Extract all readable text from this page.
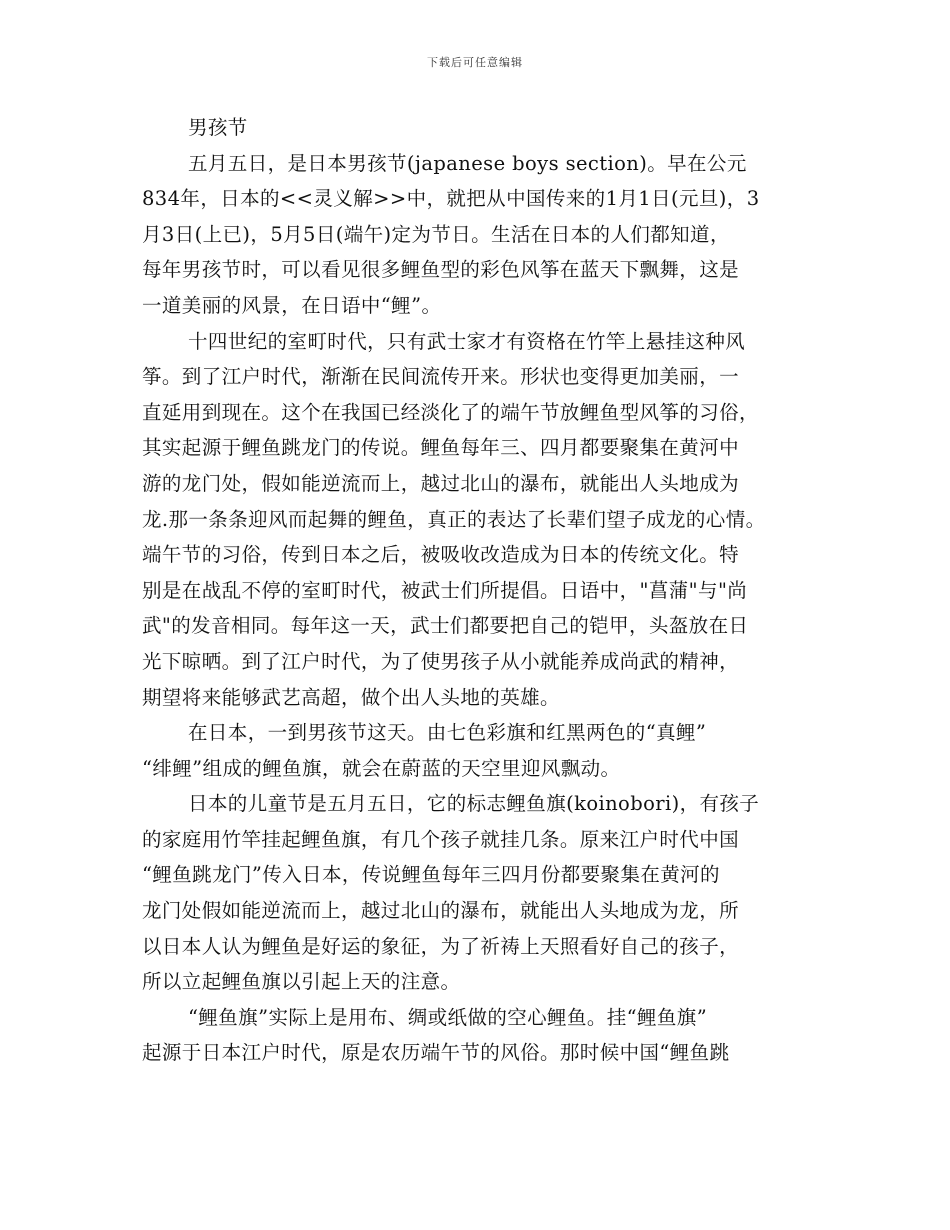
下载后可任意编辑
男孩节
五月五日，是日本男孩节(japanese boys section)。早在公元
834年，日本的<<灵义解>>中，就把从中国传来的1月1日(元旦)，3
月3日(上已)，5月5日(端午)定为节日。生活在日本的人们都知道，
每年男孩节时，可以看见很多鲤鱼型的彩色风筝在蓝天下飘舞，这是
一道美丽的风景，在日语中“鲤”。
十四世纪的室町时代，只有武士家才有资格在竹竿上悬挂这种风
筝。到了江户时代，渐渐在民间流传开来。形状也变得更加美丽，一
直延用到现在。这个在我国已经淡化了的端午节放鲤鱼型风筝的习俗，
其实起源于鲤鱼跳龙门的传说。鲤鱼每年三、四月都要聚集在黄河中
游的龙门处，假如能逆流而上，越过北山的瀑布，就能出人头地成为
龙.那一条条迎风而起舞的鲤鱼，真正的表达了长辈们望子成龙的心情。
端午节的习俗，传到日本之后，被吸收改造成为日本的传统文化。特
别是在战乱不停的室町时代，被武士们所提倡。日语中，"菖蒲"与"尚
武"的发音相同。每年这一天，武士们都要把自己的铠甲，头盔放在日
光下晾晒。到了江户时代，为了使男孩子从小就能养成尚武的精神，
期望将来能够武艺高超，做个出人头地的英雄。
在日本，一到男孩节这天。由七色彩旗和红黑两色的“真鲤”
“绯鲤”组成的鲤鱼旗，就会在蔚蓝的天空里迎风飘动。
日本的儿童节是五月五日，它的标志鲤鱼旗(koinobori)，有孩子
的家庭用竹竿挂起鲤鱼旗，有几个孩子就挂几条。原来江户时代中国
“鲤鱼跳龙门”传入日本，传说鲤鱼每年三四月份都要聚集在黄河的
龙门处假如能逆流而上，越过北山的瀑布，就能出人头地成为龙，所
以日本人认为鲤鱼是好运的象征，为了祈祷上天照看好自己的孩子，
所以立起鲤鱼旗以引起上天的注意。
“鲤鱼旗”实际上是用布、绸或纸做的空心鲤鱼。挂“鲤鱼旗”
起源于日本江户时代，原是农历端午节的风俗。那时候中国“鲤鱼跳
